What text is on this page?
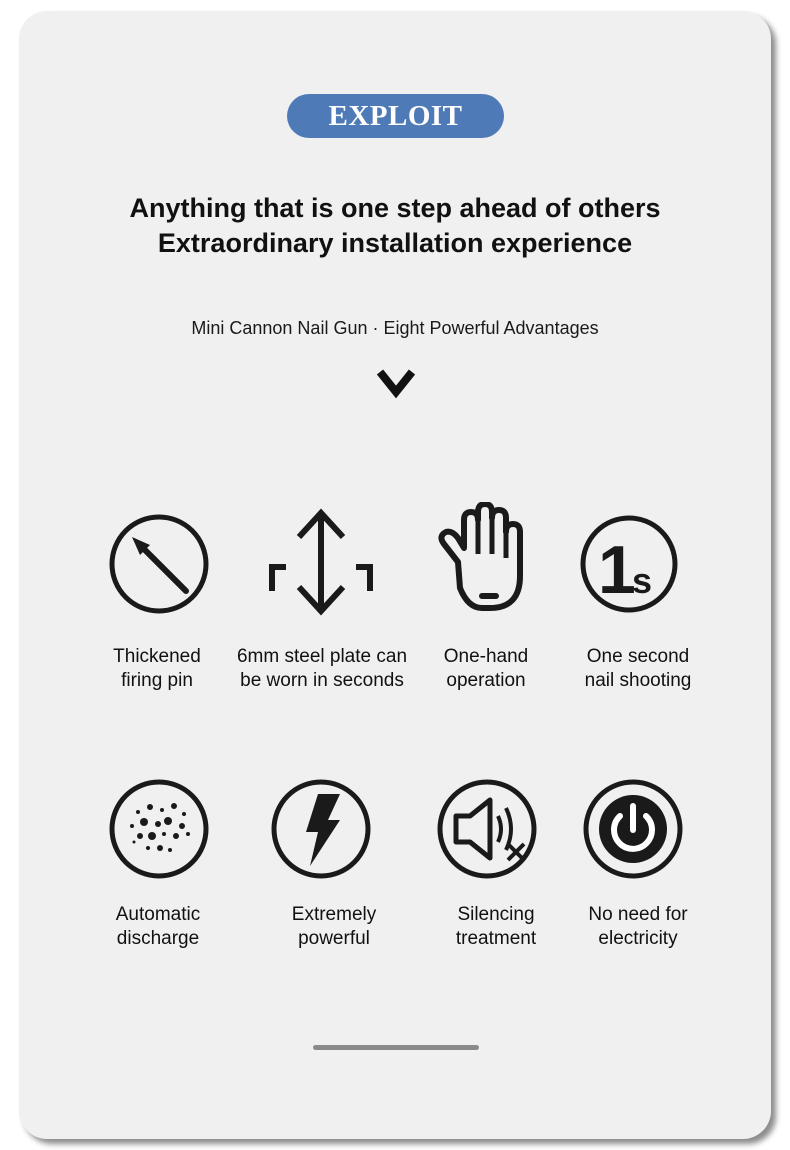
EXPLOIT
Anything that is one step ahead of others
Extraordinary installation experience
Mini Cannon Nail Gun · Eight Powerful Advantages
1
s
Thickened
firing pin
6mm steel plate can
be worn in seconds
One-hand
operation
One second
nail shooting
Automatic
discharge
Extremely
powerful
Silencing
treatment
No need for
electricity
